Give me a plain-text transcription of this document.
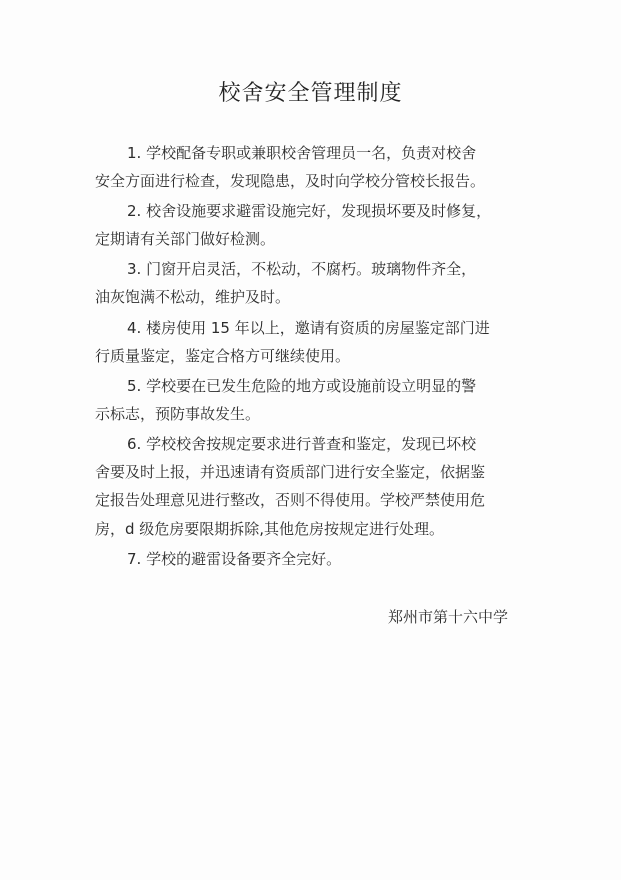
校舍安全管理制度
1. 学校配备专职或兼职校舍管理员一名，负责对校舍
安全方面进行检查，发现隐患，及时向学校分管校长报告。
2. 校舍设施要求避雷设施完好，发现损坏要及时修复，
定期请有关部门做好检测。
3. 门窗开启灵活，不松动，不腐朽。玻璃物件齐全，
油灰饱满不松动，维护及时。
4. 楼房使用 15 年以上，邀请有资质的房屋鉴定部门进
行质量鉴定，鉴定合格方可继续使用。
5. 学校要在已发生危险的地方或设施前设立明显的警
示标志，预防事故发生。
6. 学校校舍按规定要求进行普查和鉴定，发现已坏校
舍要及时上报，并迅速请有资质部门进行安全鉴定，依据鉴
定报告处理意见进行整改，否则不得使用。学校严禁使用危
房，d 级危房要限期拆除,其他危房按规定进行处理。
7. 学校的避雷设备要齐全完好。
郑州市第十六中学
